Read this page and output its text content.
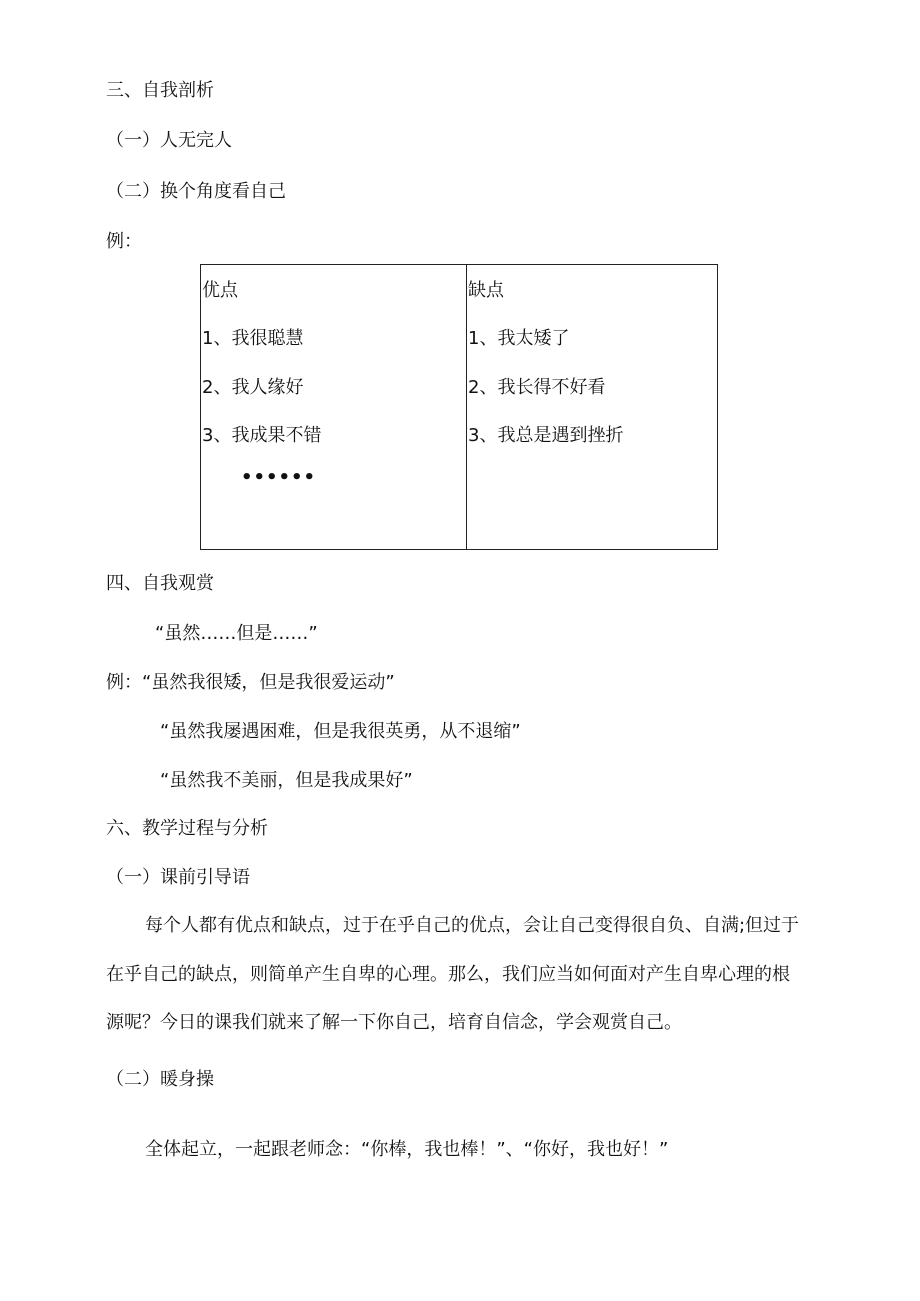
三、自我剖析
（一）人无完人
（二）换个角度看自己
例：
优点
1、我很聪慧
2、我人缘好
3、我成果不错
••••••
缺点
1、我太矮了
2、我长得不好看
3、我总是遇到挫折
四、自我观赏
“虽然……但是……”
例：“虽然我很矮，但是我很爱运动”
“虽然我屡遇困难，但是我很英勇，从不退缩”
“虽然我不美丽，但是我成果好”
六、教学过程与分析
（一）课前引导语
每个人都有优点和缺点，过于在乎自己的优点，会让自己变得很自负、自满;但过于
在乎自己的缺点，则简单产生自卑的心理。那么，我们应当如何面对产生自卑心理的根
源呢？今日的课我们就来了解一下你自己，培育自信念，学会观赏自己。
（二）暖身操
全体起立，一起跟老师念：“你棒，我也棒！”、“你好，我也好！”
